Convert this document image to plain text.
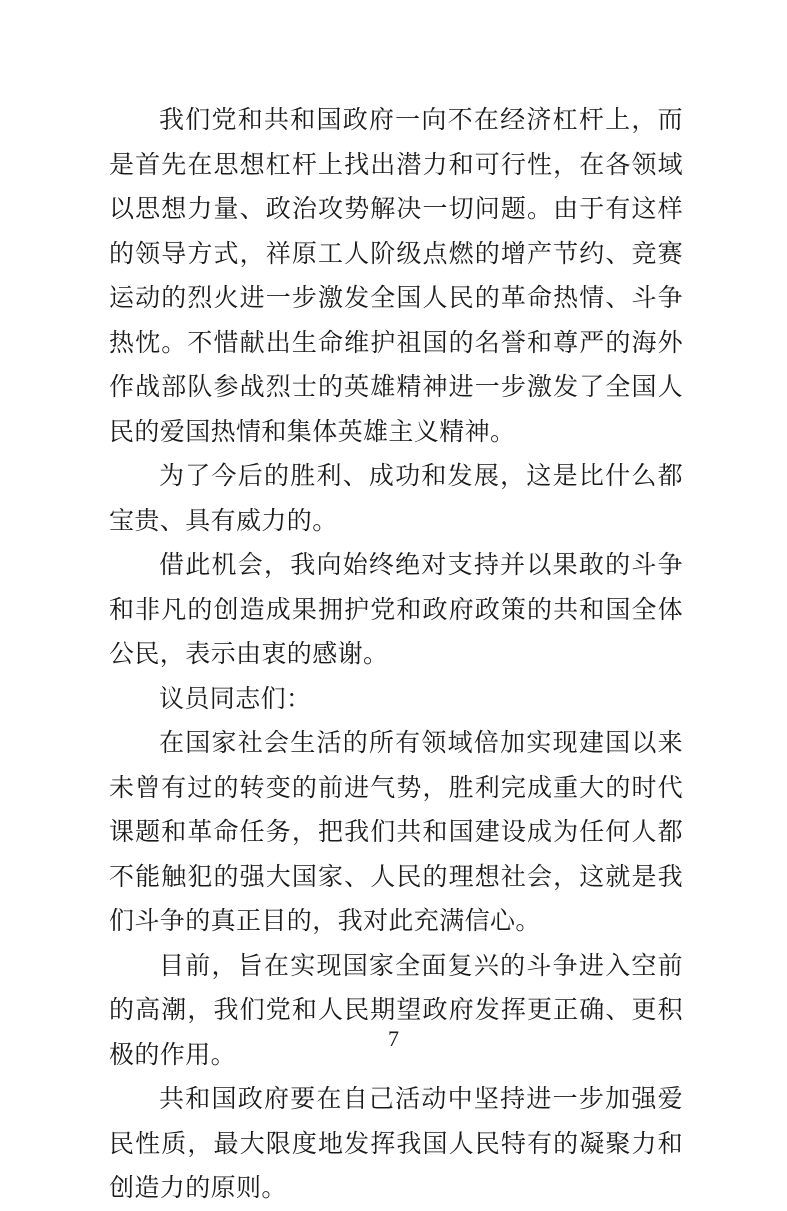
我们党和共和国政府一向不在经济杠杆上，而是首先在思想杠杆上找出潜力和可行性，在各领域以思想力量、政治攻势解决一切问题。由于有这样的领导方式，祥原工人阶级点燃的增产节约、竞赛运动的烈火进一步激发全国人民的革命热情、斗争热忱。不惜献出生命维护祖国的名誉和尊严的海外作战部队参战烈士的英雄精神进一步激发了全国人民的爱国热情和集体英雄主义精神。

为了今后的胜利、成功和发展，这是比什么都宝贵、具有威力的。

借此机会，我向始终绝对支持并以果敢的斗争和非凡的创造成果拥护党和政府政策的共和国全体公民，表示由衷的感谢。

议员同志们：

在国家社会生活的所有领域倍加实现建国以来未曾有过的转变的前进气势，胜利完成重大的时代课题和革命任务，把我们共和国建设成为任何人都不能触犯的强大国家、人民的理想社会，这就是我们斗争的真正目的，我对此充满信心。

目前，旨在实现国家全面复兴的斗争进入空前的高潮，我们党和人民期望政府发挥更正确、更积极的作用。

共和国政府要在自己活动中坚持进一步加强爱民性质，最大限度地发挥我国人民特有的凝聚力和创造力的原则。

7
